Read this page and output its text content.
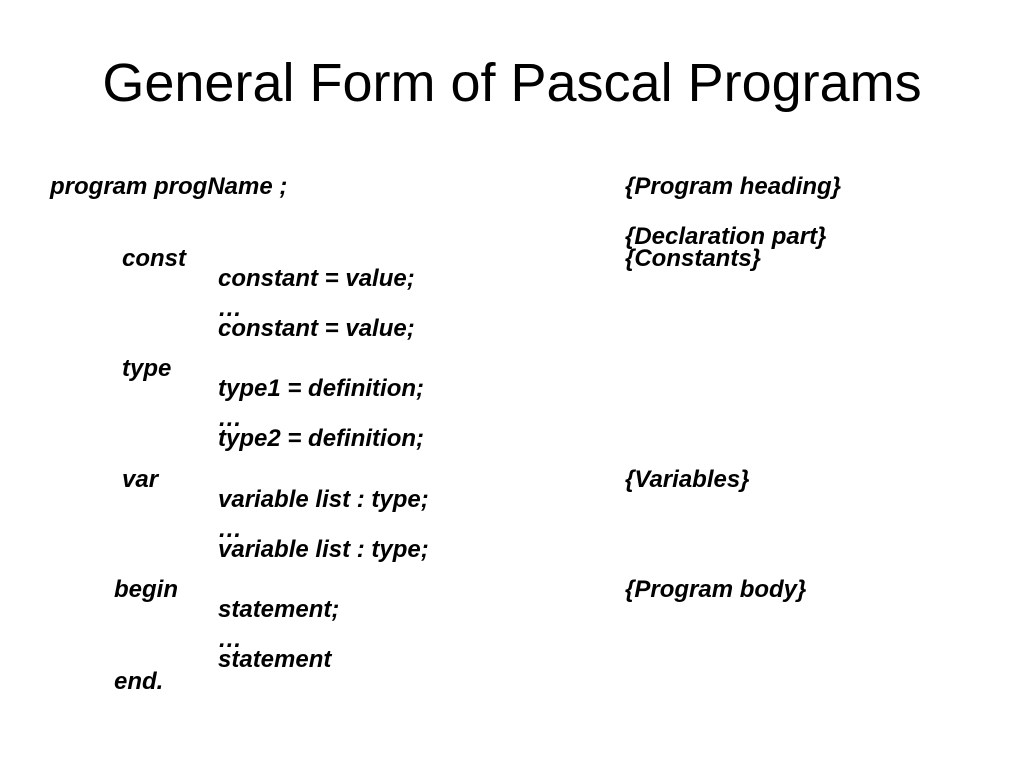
General Form of Pascal Programs
program progName ;
const
constant = value;
…
constant = value;
type
type1 = definition;
…
type2 = definition;
var
variable list : type;
…
variable list : type;
begin
statement;
…
statement
end.
{Program heading}
{Declaration part}
{Constants}
{Variables}
{Program body}
